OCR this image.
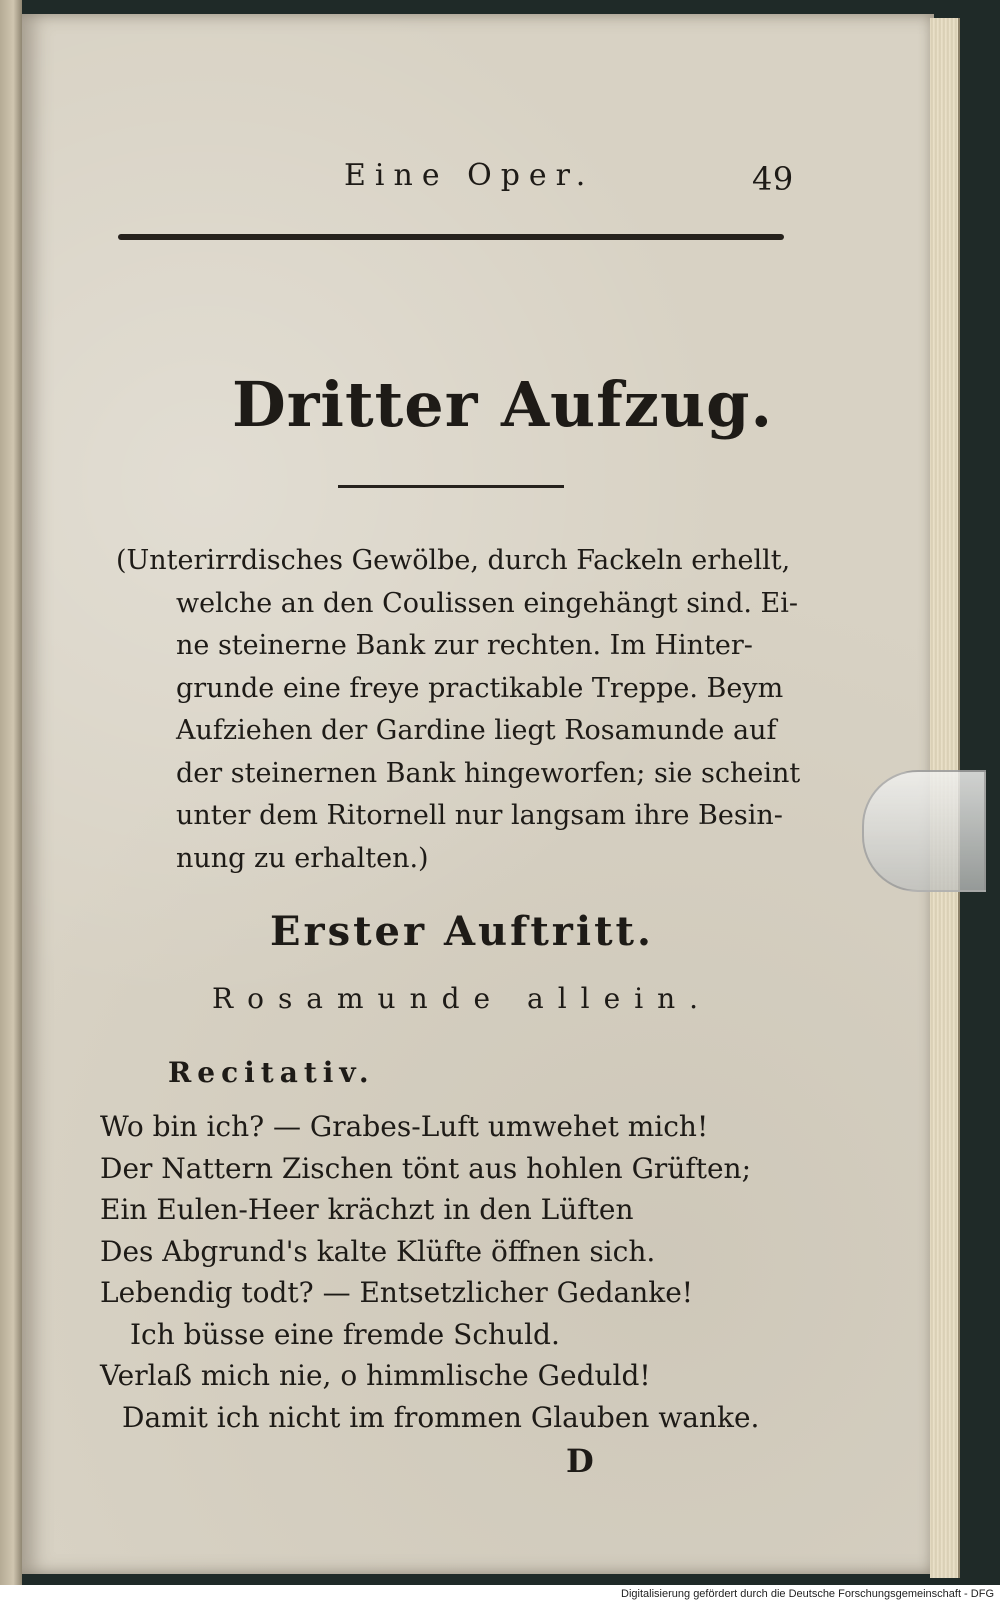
Eine Oper.	49
Dritter Aufzug.
(Unterirrdisches Gewölbe, durch Fackeln erhellt,
welche an den Coulissen eingehängt sind. Ei-
ne steinerne Bank zur rechten. Im Hinter-
grunde eine freye practikable Treppe. Beym
Aufziehen der Gardine liegt Rosamunde auf
der steinernen Bank hingeworfen; sie scheint
unter dem Ritornell nur langsam ihre Besin-
nung zu erhalten.)
Erster Auftritt.
Rosamunde allein.
Recitativ.
Wo bin ich? — Grabes-Luft umwehet mich!
Der Nattern Zischen tönt aus hohlen Grüften;
Ein Eulen-Heer krächzt in den Lüften
Des Abgrund's kalte Klüfte öffnen sich.
Lebendig todt? — Entsetzlicher Gedanke!
Ich büsse eine fremde Schuld.
Verlaß mich nie, o himmlische Geduld!
Damit ich nicht im frommen Glauben wanke.
D
Digitalisierung gefördert durch die Deutsche Forschungsgemeinschaft - DFG
